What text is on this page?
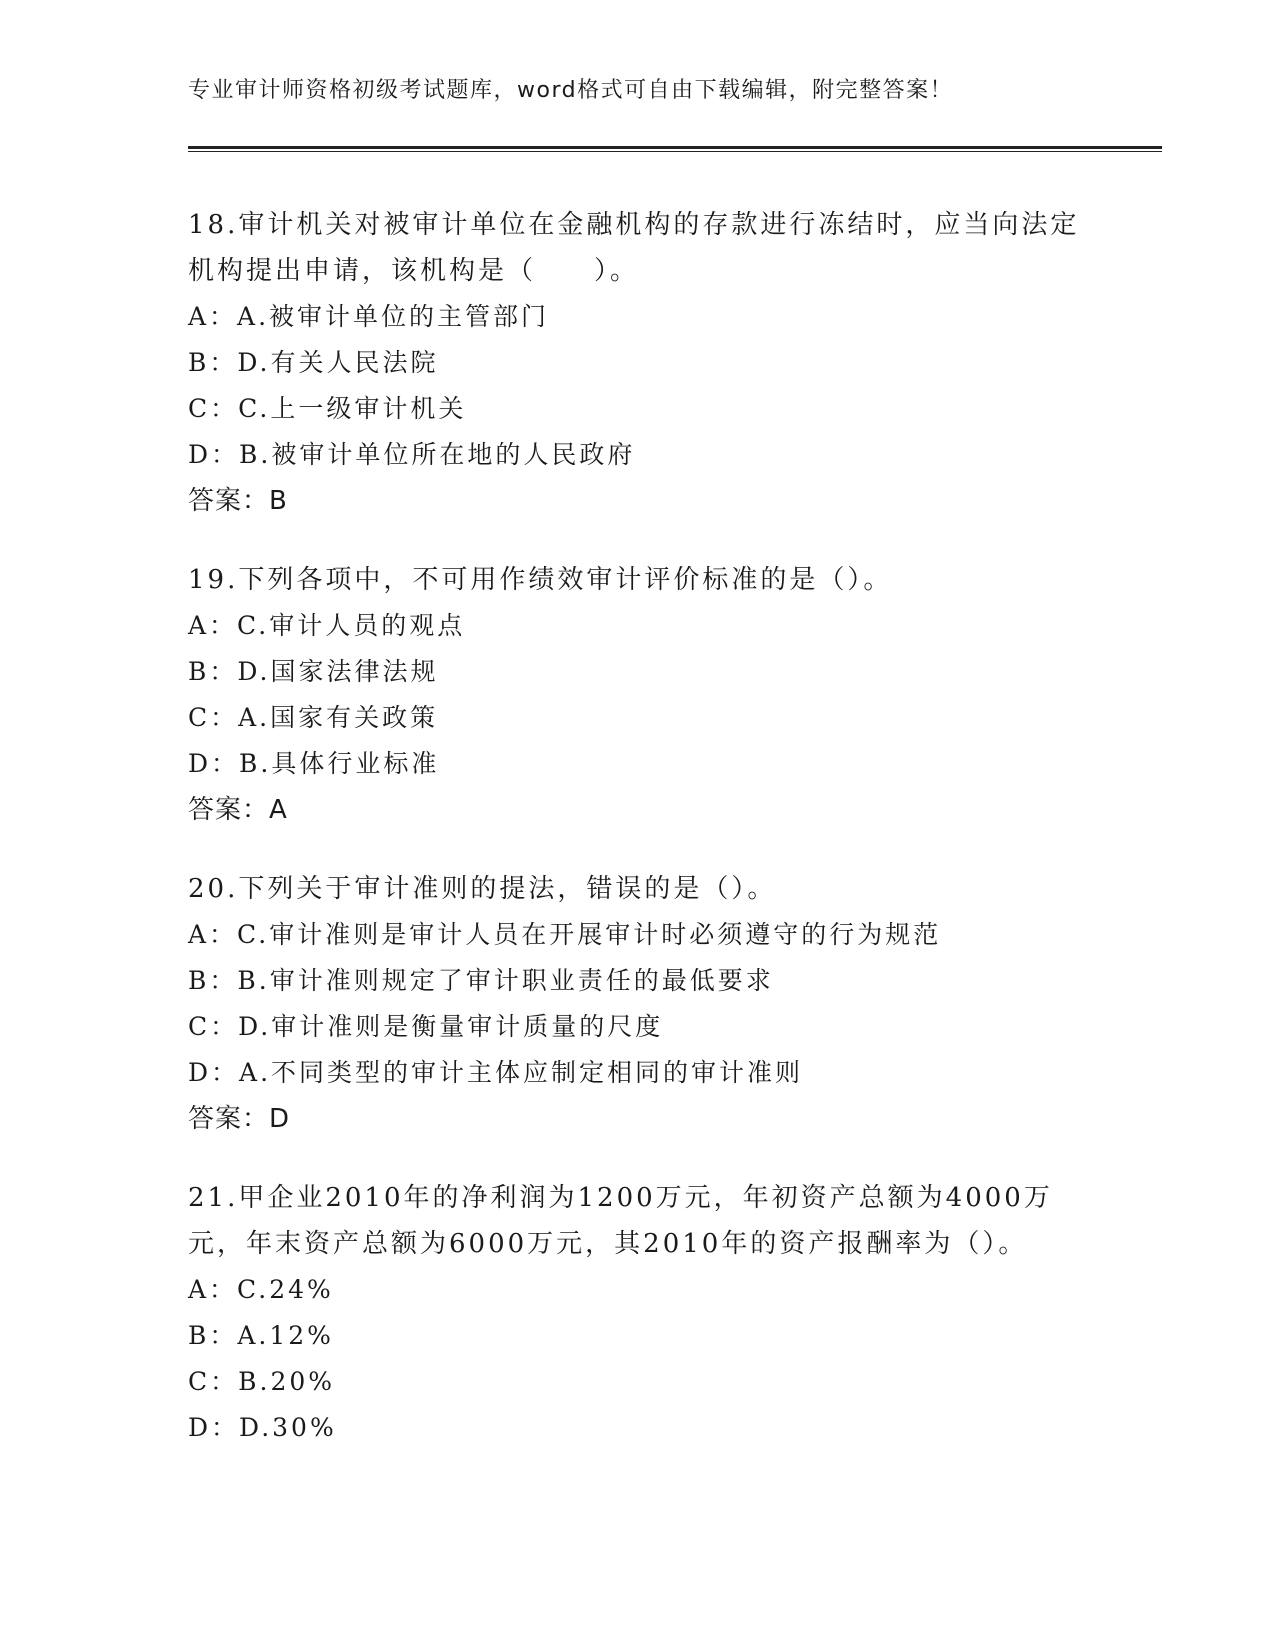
专业审计师资格初级考试题库，word格式可自由下载编辑，附完整答案！

18.审计机关对被审计单位在金融机构的存款进行冻结时，应当向法定机构提出申请，该机构是（　　）。

A：A.被审计单位的主管部门

B：D.有关人民法院

C：C.上一级审计机关

D：B.被审计单位所在地的人民政府

答案：B

19.下列各项中，不可用作绩效审计评价标准的是（）。

A：C.审计人员的观点

B：D.国家法律法规

C：A.国家有关政策

D：B.具体行业标准

答案：A

20.下列关于审计准则的提法，错误的是（）。

A：C.审计准则是审计人员在开展审计时必须遵守的行为规范

B：B.审计准则规定了审计职业责任的最低要求

C：D.审计准则是衡量审计质量的尺度

D：A.不同类型的审计主体应制定相同的审计准则

答案：D

21.甲企业2010年的净利润为1200万元，年初资产总额为4000万元，年末资产总额为6000万元，其2010年的资产报酬率为（）。

A：C.24%

B：A.12%

C：B.20%

D：D.30%
